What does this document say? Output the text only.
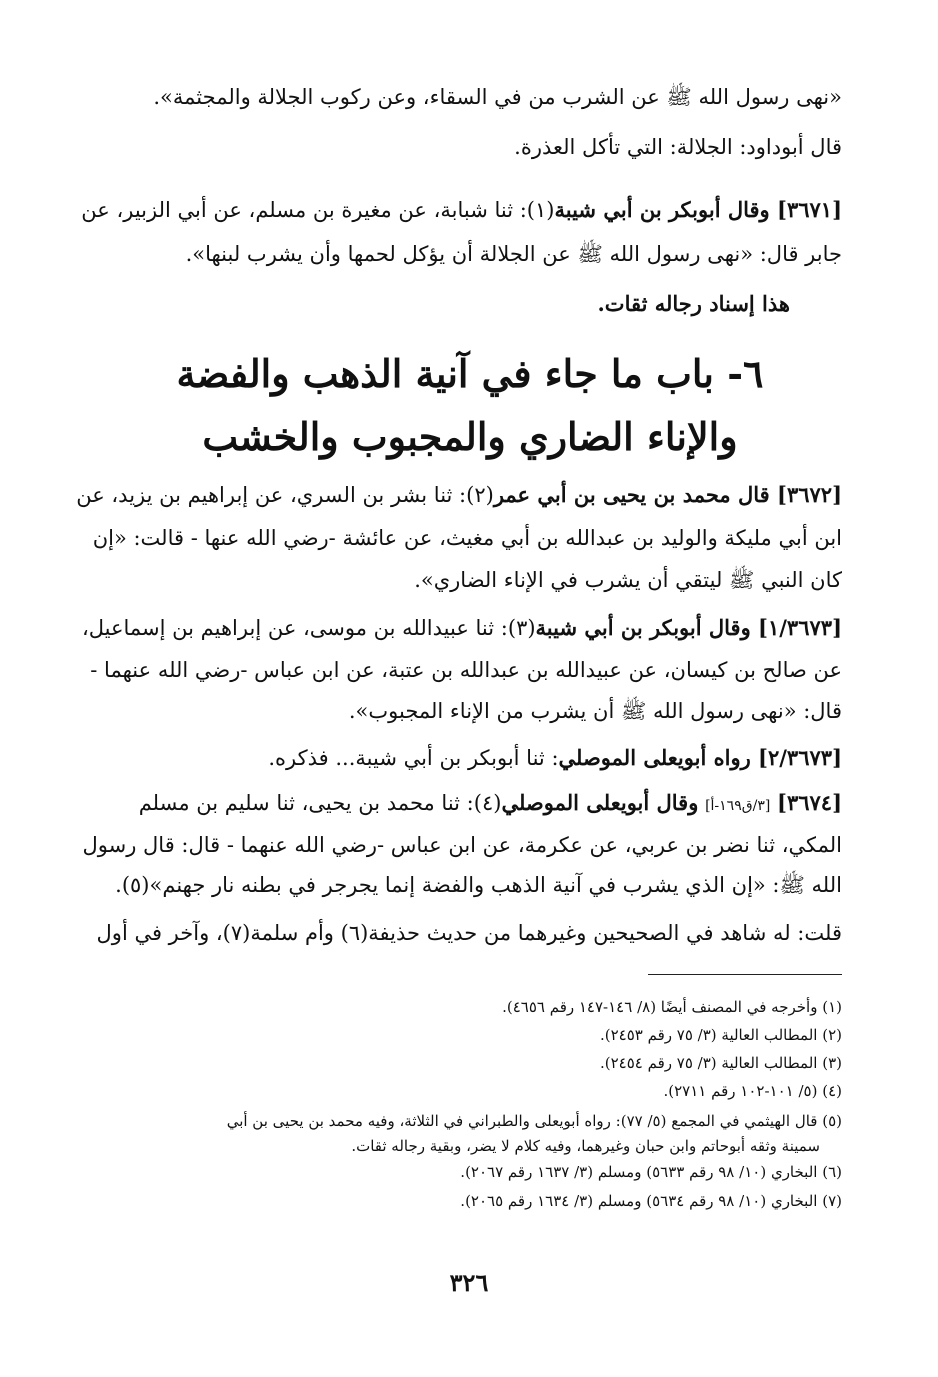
«نهى رسول الله ﷺ عن الشرب من في السقاء، وعن ركوب الجلالة والمجثمة».
قال أبوداود: الجلالة: التي تأكل العذرة.
[٣٦٧١] وقال أبوبكر بن أبي شيبة(١): ثنا شبابة، عن مغيرة بن مسلم، عن أبي الزبير، عن
جابر قال: «نهى رسول الله ﷺ عن الجلالة أن يؤكل لحمها وأن يشرب لبنها».
هذا إسناد رجاله ثقات.
٦- باب ما جاء في آنية الذهب والفضة
والإناء الضاري والمجبوب والخشب
[٣٦٧٢] قال محمد بن يحيى بن أبي عمر(٢): ثنا بشر بن السري، عن إبراهيم بن يزيد، عن
ابن أبي مليكة والوليد بن عبدالله بن أبي مغيث، عن عائشة -رضي الله عنها - قالت: «إن
كان النبي ﷺ ليتقي أن يشرب في الإناء الضاري».
[١/٣٦٧٣] وقال أبوبكر بن أبي شيبة(٣): ثنا عبيدالله بن موسى، عن إبراهيم بن إسماعيل،
عن صالح بن كيسان، عن عبيدالله بن عبدالله بن عتبة، عن ابن عباس -رضي الله عنهما -
قال: «نهى رسول الله ﷺ أن يشرب من الإناء المجبوب».
[٢/٣٦٧٣] رواه أبويعلى الموصلي: ثنا أبوبكر بن أبي شيبة... فذكره.
[٣٦٧٤] [٣/ق١٦٩-أ] وقال أبويعلى الموصلي(٤): ثنا محمد بن يحيى، ثنا سليم بن مسلم
المكي، ثنا نضر بن عربي، عن عكرمة، عن ابن عباس -رضي الله عنهما - قال: قال رسول
الله ﷺ: «إن الذي يشرب في آنية الذهب والفضة إنما يجرجر في بطنه نار جهنم»(٥).
قلت: له شاهد في الصحيحين وغيرهما من حديث حذيفة(٦) وأم سلمة(٧)، وآخر في أول
(١) وأخرجه في المصنف أيضًا (٨/ ١٤٦-١٤٧ رقم ٤٦٥٦).
(٢) المطالب العالية (٣/ ٧٥ رقم ٢٤٥٣).
(٣) المطالب العالية (٣/ ٧٥ رقم ٢٤٥٤).
(٤) (٥/ ١٠١-١٠٢ رقم ٢٧١١).
(٥) قال الهيثمي في المجمع (٥/ ٧٧): رواه أبويعلى والطبراني في الثلاثة، وفيه محمد بن يحيى بن أبي
سمينة وثقه أبوحاتم وابن حبان وغيرهما، وفيه كلام لا يضر، وبقية رجاله ثقات.
(٦) البخاري (١٠/ ٩٨ رقم ٥٦٣٣) ومسلم (٣/ ١٦٣٧ رقم ٢٠٦٧).
(٧) البخاري (١٠/ ٩٨ رقم ٥٦٣٤) ومسلم (٣/ ١٦٣٤ رقم ٢٠٦٥).
٣٢٦
